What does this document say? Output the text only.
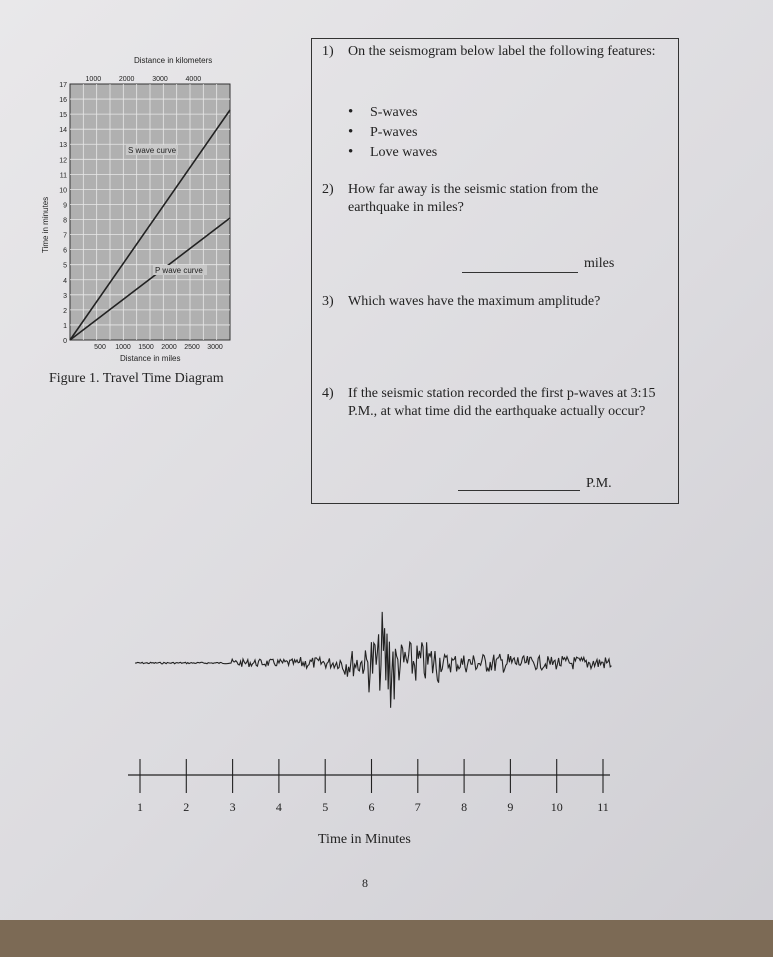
Distance in kilometers
1000	2000	3000	4000
0
1
2
3
4
5
6
7
8
9
10
11
12
13
14
15
16
17
Time in minutes
S wave curve
P wave curve
500 1000 1500 2000 2500 3000
Distance in miles
Figure 1. Travel Time Diagram
1) On the seismogram below label the following features:
• S-waves
• P-waves
• Love waves
2) How far away is the seismic station from the earthquake in miles?
miles
3) Which waves have the maximum amplitude?
4) If the seismic station recorded the first p-waves at 3:15 P.M., at what time did the earthquake actually occur?
P.M.
1	2	3	4	5	6	7	8	9	10	11
Time in Minutes
8
